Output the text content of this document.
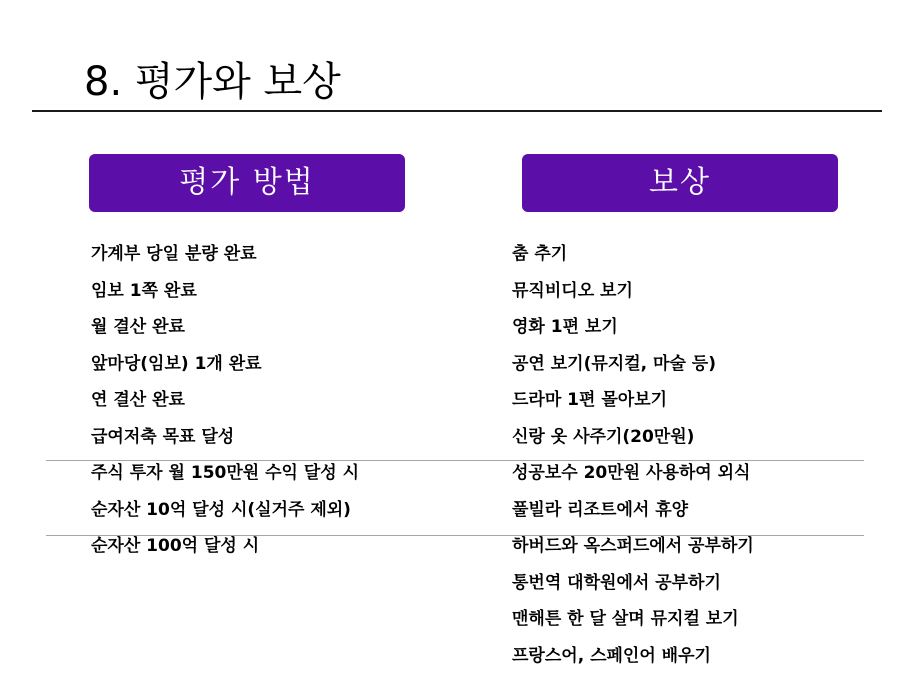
8. 평가와 보상
평가 방법	보상
가계부 당일 분량 완료
임보 1쪽 완료
월 결산 완료
앞마당(임보) 1개 완료
연 결산 완료
급여저축 목표 달성
주식 투자 월 150만원 수익 달성 시
순자산 10억 달성 시(실거주 제외)
순자산 100억 달성 시
춤 추기
뮤직비디오 보기
영화 1편 보기
공연 보기(뮤지컬, 마술 등)
드라마 1편 몰아보기
신랑 옷 사주기(20만원)
성공보수 20만원 사용하여 외식
풀빌라 리조트에서 휴양
하버드와 옥스퍼드에서 공부하기
통번역 대학원에서 공부하기
맨해튼 한 달 살며 뮤지컬 보기
프랑스어, 스페인어 배우기
